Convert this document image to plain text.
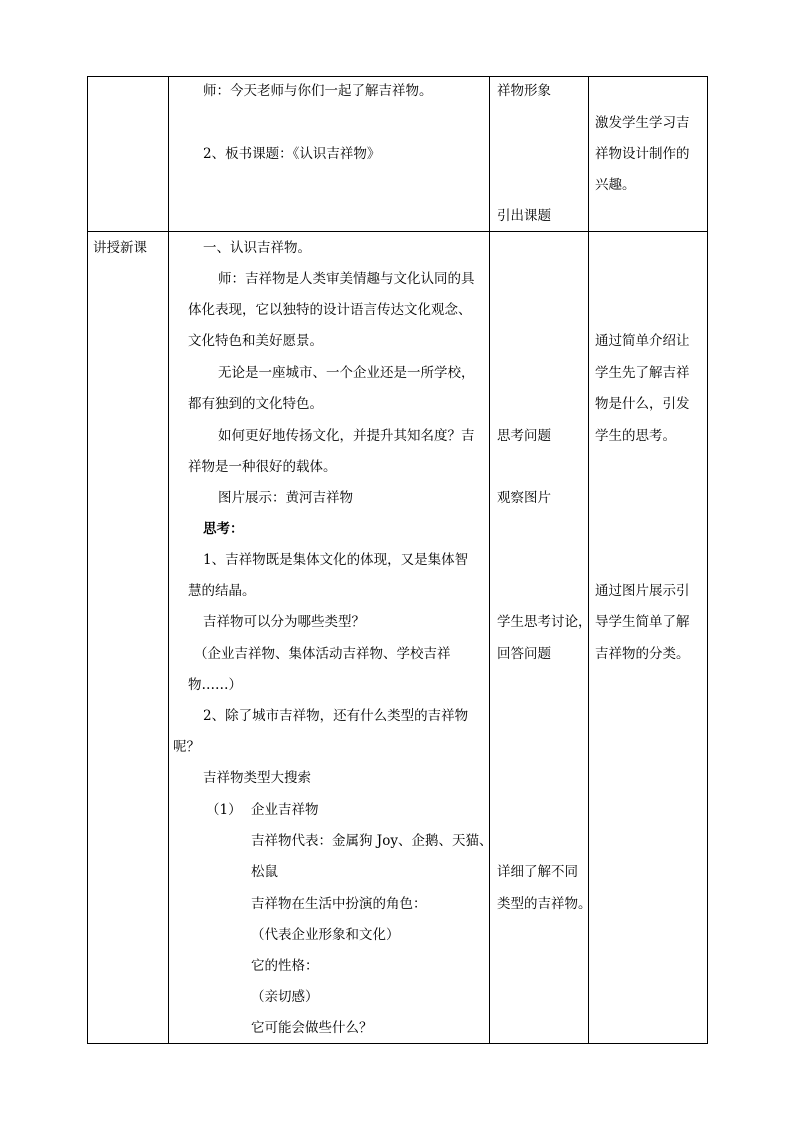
师：今天老师与你们一起了解吉祥物。
2、板书课题：《认识吉祥物》
祥物形象
引出课题
激发学生学习吉
祥物设计制作的
兴趣。
讲授新课	一、认识吉祥物。
师：吉祥物是人类审美情趣与文化认同的具
体化表现，它以独特的设计语言传达文化观念、
文化特色和美好愿景。
无论是一座城市、一个企业还是一所学校，
都有独到的文化特色。
如何更好地传扬文化，并提升其知名度？吉
祥物是一种很好的载体。
图片展示：黄河吉祥物
思考：
1、吉祥物既是集体文化的体现，又是集体智
慧的结晶。
吉祥物可以分为哪些类型？
（企业吉祥物、集体活动吉祥物、学校吉祥
物……）
2、除了城市吉祥物，还有什么类型的吉祥物
呢？
吉祥物类型大搜索
（1） 企业吉祥物
吉祥物代表：金属狗 Joy、企鹅、天猫、
松鼠
吉祥物在生活中扮演的角色：
（代表企业形象和文化）
它的性格：
（亲切感）
它可能会做些什么？
思考问题
观察图片
学生思考讨论，
回答问题
详细了解不同
类型的吉祥物。
通过简单介绍让
学生先了解吉祥
物是什么，引发
学生的思考。
通过图片展示引
导学生简单了解
吉祥物的分类。
